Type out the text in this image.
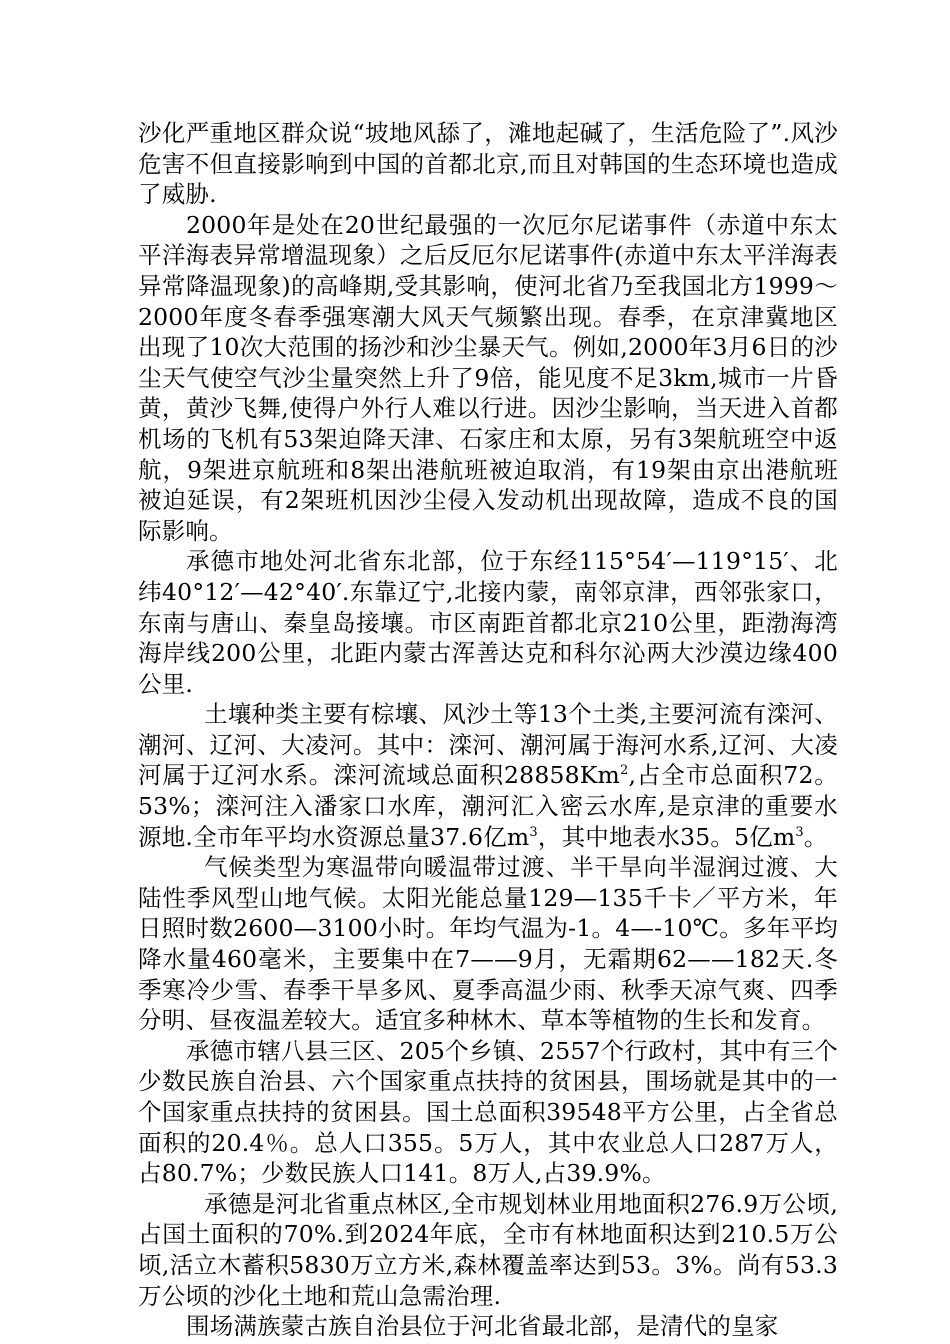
沙化严重地区群众说“坡地风舔了，滩地起碱了，生活危险了”.风沙危害不但直接影响到中国的首都北京,而且对韩国的生态环境也造成了威胁.

2000年是处在20世纪最强的一次厄尔尼诺事件（赤道中东太平洋海表异常增温现象）之后反厄尔尼诺事件(赤道中东太平洋海表异常降温现象)的高峰期,受其影响，使河北省乃至我国北方1999～2000年度冬春季强寒潮大风天气频繁出现。春季，在京津冀地区出现了10次大范围的扬沙和沙尘暴天气。例如,2000年3月6日的沙尘天气使空气沙尘量突然上升了9倍，能见度不足3km,城市一片昏黄，黄沙飞舞,使得户外行人难以行进。因沙尘影响，当天进入首都机场的飞机有53架迫降天津、石家庄和太原，另有3架航班空中返航，9架进京航班和8架出港航班被迫取消，有19架由京出港航班被迫延误，有2架班机因沙尘侵入发动机出现故障，造成不良的国际影响。

承德市地处河北省东北部，位于东经115°54′—119°15′、北纬40°12′—42°40′.东靠辽宁,北接内蒙，南邻京津，西邻张家口，东南与唐山、秦皇岛接壤。市区南距首都北京210公里，距渤海湾海岸线200公里，北距内蒙古浑善达克和科尔沁两大沙漠边缘400公里.

土壤种类主要有棕壤、风沙土等13个土类,主要河流有滦河、潮河、辽河、大凌河。其中：滦河、潮河属于海河水系,辽河、大凌河属于辽河水系。滦河流域总面积28858Km$^2$,占全市总面积72。53%；滦河注入潘家口水库，潮河汇入密云水库,是京津的重要水源地.全市年平均水资源总量37.6亿$m^3$，其中地表水35。5亿$m^3$。

气候类型为寒温带向暖温带过渡、半干旱向半湿润过渡、大陆性季风型山地气候。太阳光能总量129—135千卡／平方米，年日照时数2600—3100小时。年均气温为-1。4—-10℃。多年平均降水量460毫米，主要集中在7——9月，无霜期62——182天.冬季寒冷少雪、春季干旱多风、夏季高温少雨、秋季天凉气爽、四季分明、昼夜温差较大。适宜多种林木、草本等植物的生长和发育。

承德市辖八县三区、205个乡镇、2557个行政村，其中有三个少数民族自治县、六个国家重点扶持的贫困县，围场就是其中的一个国家重点扶持的贫困县。国土总面积39548平方公里，占全省总面积的20.4％。总人口355。5万人，其中农业总人口287万人，占80.7%；少数民族人口141。8万人,占39.9%。

承德是河北省重点林区,全市规划林业用地面积276.9万公顷,占国土面积的70%.到2024年底，全市有林地面积达到210.5万公顷,活立木蓄积5830万立方米,森林覆盖率达到53。3%。尚有53.3万公顷的沙化土地和荒山急需治理.

围场满族蒙古族自治县位于河北省最北部，是清代的皇家
